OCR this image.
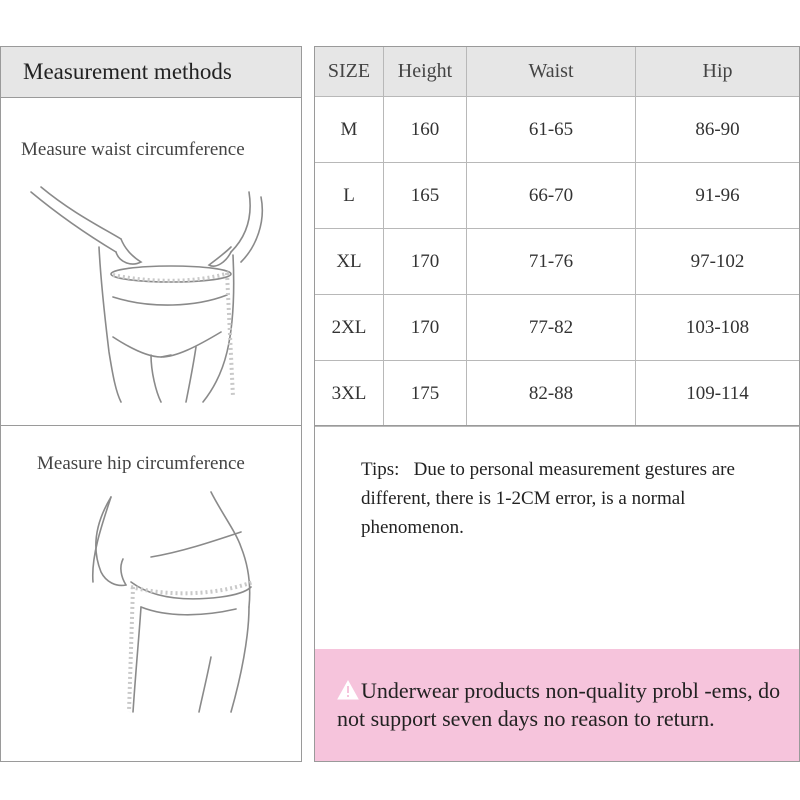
Measurement methods
Measure waist circumference
Measure hip circumference
SIZE	Height	Waist	Hip
M	160	61-65	86-90
L	165	66-70	91-96
XL	170	71-76	97-102
2XL	170	77-82	103-108
3XL	175	82-88	109-114
Tips: Due to personal measurement gestures are different, there is 1-2CM error, is a normal phenomenon.
Underwear products non-quality probl -ems, do not support seven days no reason to return.
